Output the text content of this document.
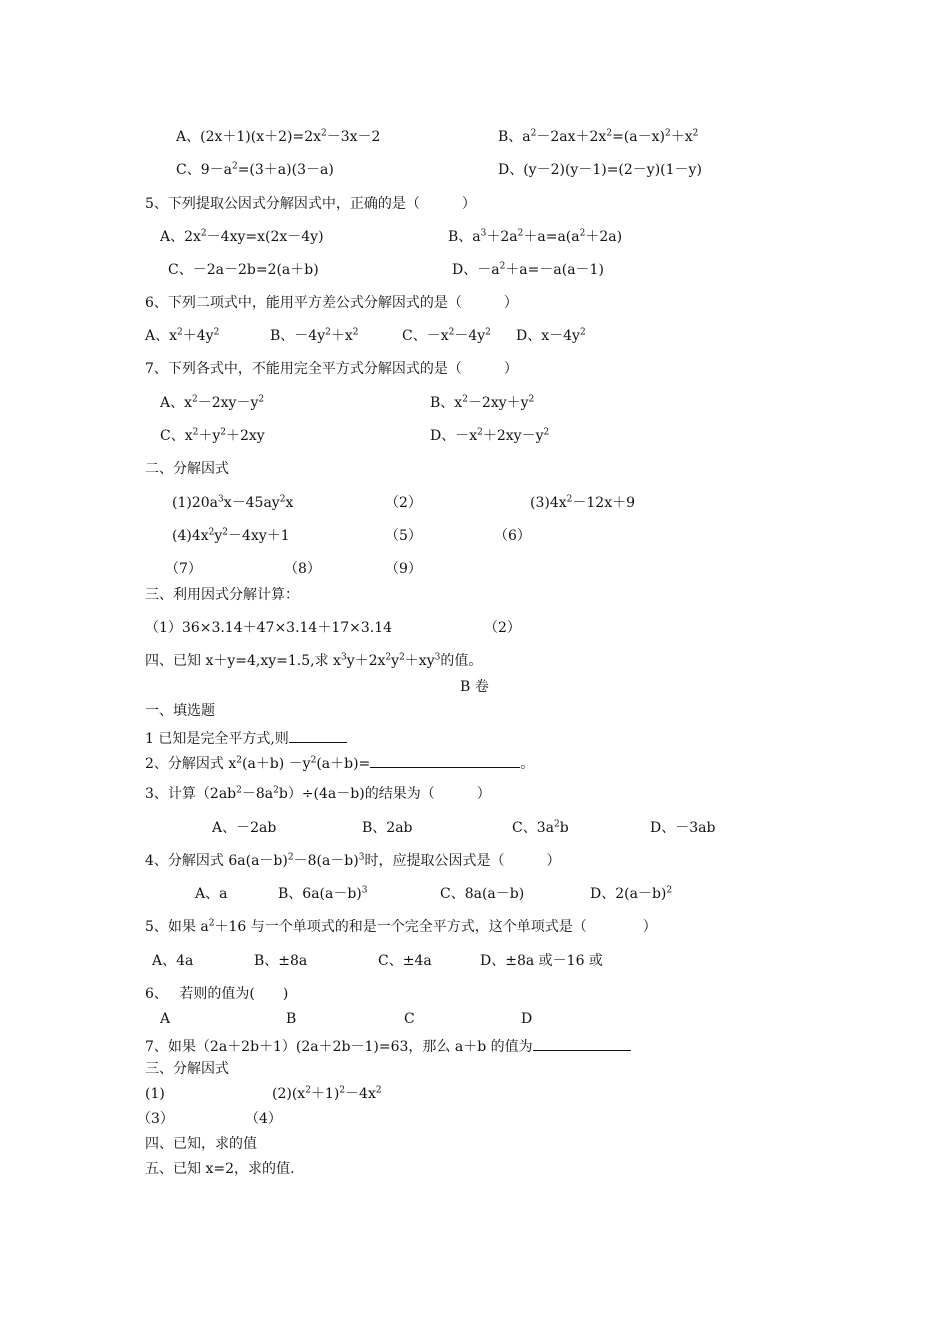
A、$(2x+1)(x+2)=2x^2-3x-2$	B、$a^2-2ax+2x^2=(a-x)^2+x^2$
C、$9-a^2=(3+a)(3-a)$	D、(y－2)(y－1)=(2－y)(1－y)
5、下列提取公因式分解因式中，正确的是（　　　）
A、$2x^2-4xy=x(2x-4y)$	B、$a^3+2a^2+a=a(a^2+2a)$
C、－2a－2b=2(a＋b)	D、$-a^2+a=-a(a-1)$
6、下列二项式中，能用平方差公式分解因式的是（　　　）
A、$x^2+4y^2$	B、$-4y^2+x^2$	C、$-x^2-4y^2$ D、$x-4y^2$
7、下列各式中，不能用完全平方式分解因式的是（　　　）
A、$x^2-2xy-y^2$	B、$x^2-2xy+y^2$
C、$x^2+y^2+2xy$	D、$-x^2+2xy-y^2$
二、分解因式
$(1)20a^3x-45ay^2x$	（2）	$(3)4x^2-12x+9$
$(4)4x^2y^2-4xy+1$	（5）	（6）
（7）	（8）	（9）
三、利用因式分解计算：
（1）36×3.14＋47×3.14＋17×3.14	（2）
四、已知 x＋y=4,xy=1.5,求 $x^3y+2x^2y^2+xy^3$的值。
B 卷
一、填选题
1 已知是完全平方式,则
2、分解因式 $x^2(a+b) -y^2(a+b)=$	。
3、计算$(2ab^2-8a^2b)\div(4a-b)$的结果为（　　　）
A、－2ab	B、2ab	C、$3a^2b$	D、－3ab
4、分解因式 $6a(a-b)^2-8(a-b)^3$时，应提取公因式是（　　　）
A、a	B、$6a(a-b)^3$	C、8a(a－b)	D、$2(a-b)^2$
5、如果 $a^2+16$ 与一个单项式的和是一个完全平方式，这个单项式是（　　　　）
A、4a	B、±8a	C、±4a	D、±8a 或－16 或
6、　 若则的值为(　　)
A	B	C	D
7、如果（2a＋2b＋1）(2a＋2b－1)=63，那么 a＋b 的值为
三、分解因式
(1)	$(2)(x^2+1)^2-4x^2$
（3）	（4）
四、已知，求的值
五、已知 x=2，求的值.
